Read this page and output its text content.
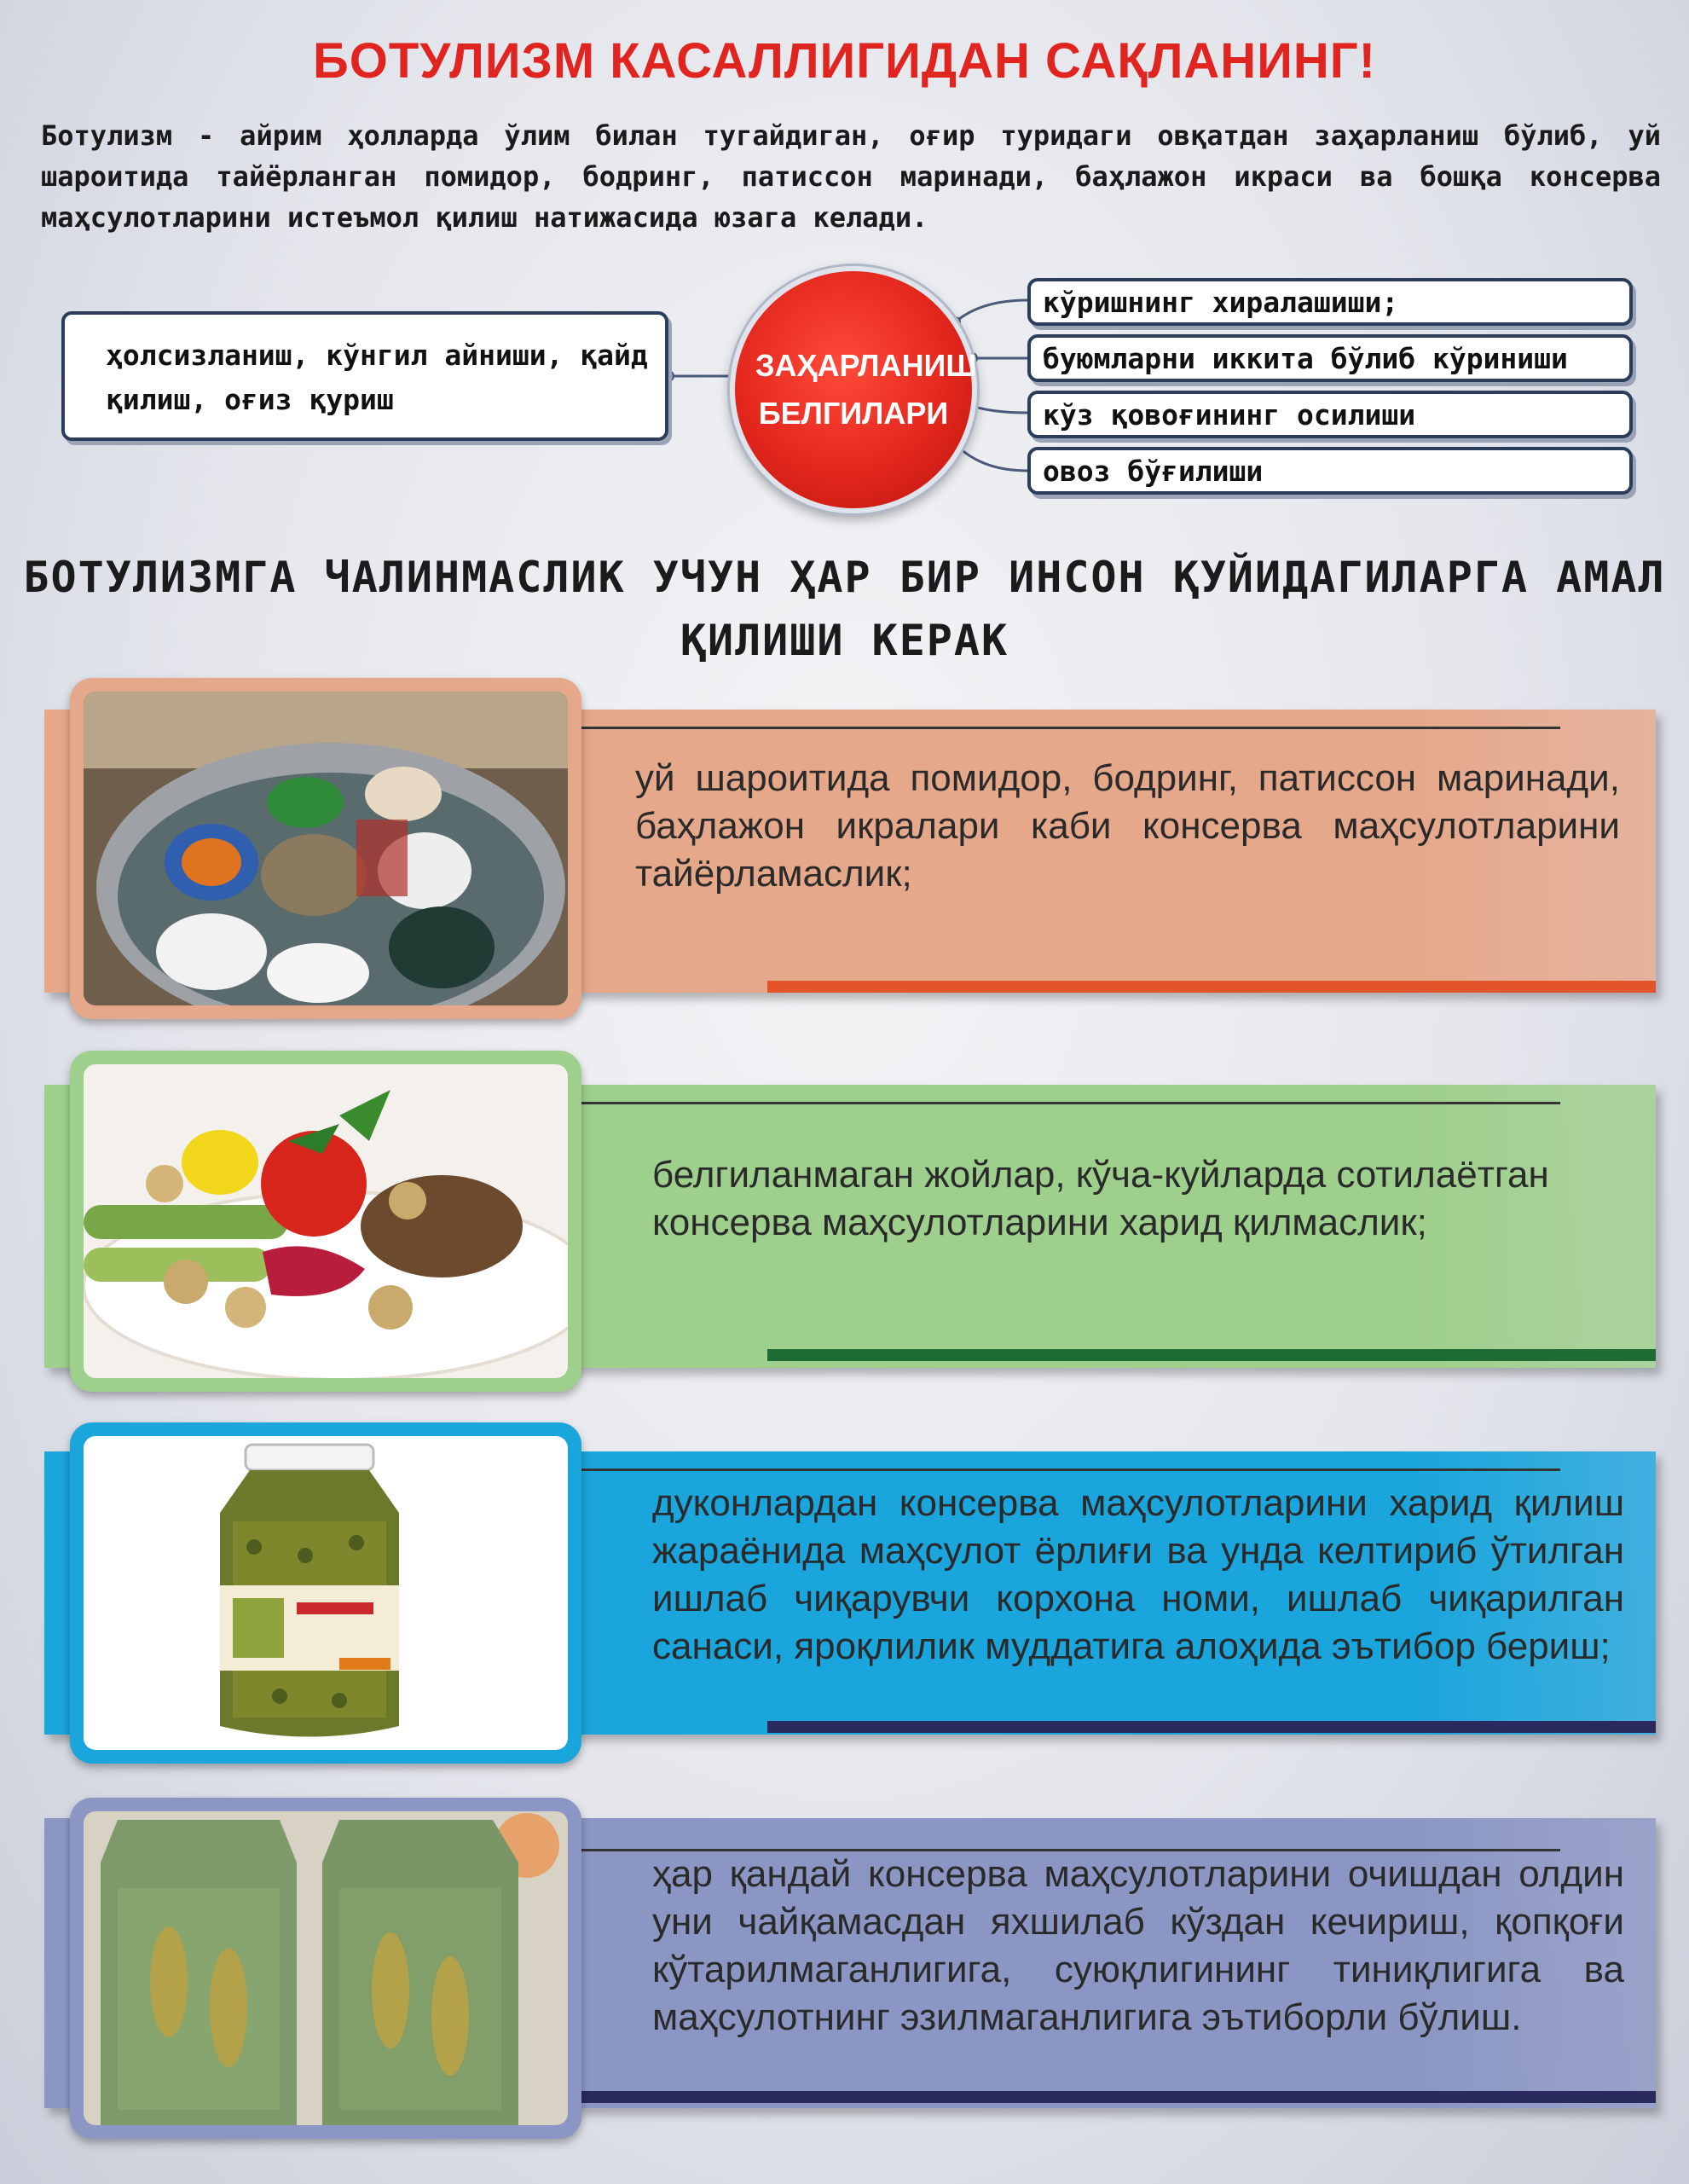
БОТУЛИЗМ КАСАЛЛИГИДАН САҚЛАНИНГ!
Ботулизм - айрим ҳолларда ўлим билан тугайдиган, оғир туридаги овқатдан заҳарланиш бўлиб, уй шароитида тайёрланган помидор, бодринг, патиссон маринади, баҳлажон икраси ва бошқа консерва маҳсулотларини истеъмол қилиш натижасида юзага келади.
ҳолсизланиш, кўнгил айниши, қайд қилиш, оғиз қуриш
ЗАҲАРЛАНИШ
БЕЛГИЛАРИ
кўришнинг хиралашиши;
буюмларни иккита бўлиб кўриниши
кўз қовоғининг осилиши
овоз бўғилиши
БОТУЛИЗМГА ЧАЛИНМАСЛИК УЧУН ҲАР БИР ИНСОН ҚУЙИДАГИЛАРГА АМАЛ ҚИЛИШИ КЕРАК
уй шароитида помидор, бодринг, патиссон маринади, баҳлажон икралари каби консерва маҳсулотларини тайёрламаслик;
белгиланмаган жойлар, кўча-куйларда сотилаётган консерва маҳсулотларини харид қилмаслик;
дуконлардан консерва маҳсулотларини харид қилиш жараёнида маҳсулот ёрлиғи ва унда келтириб ўтилган ишлаб чиқарувчи корхона номи, ишлаб чиқарилган санаси, яроқлилик муддатига алоҳида эътибор бериш;
ҳар қандай консерва маҳсулотларини очишдан олдин уни чайқамасдан яхшилаб кўздан кечириш, қопқоғи кўтарилмаганлигига, суюқлигининг тиниқлигига ва маҳсулотнинг эзилмаганлигига эътиборли бўлиш.
